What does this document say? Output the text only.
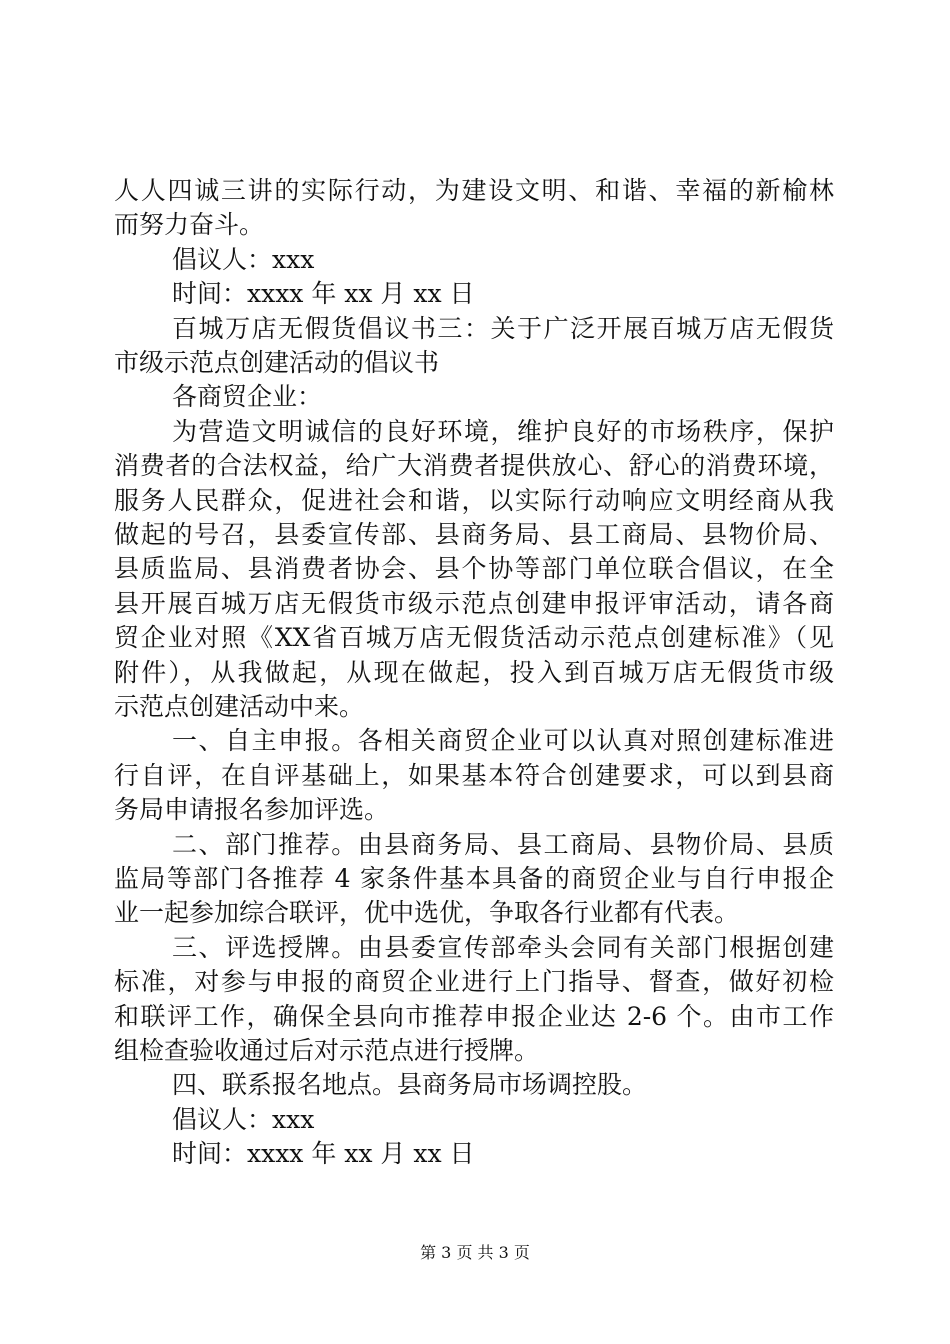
第 3 页 共 3 页
人人四诚三讲的实际行动，为建设文明、和谐、幸福的新榆林
而努力奋斗。
倡议人：xxx
时间：xxxx 年 xx 月 xx 日
百城万店无假货倡议书三：关于广泛开展百城万店无假货
市级示范点创建活动的倡议书
各商贸企业：
为营造文明诚信的良好环境，维护良好的市场秩序，保护
消费者的合法权益，给广大消费者提供放心、舒心的消费环境，
服务人民群众，促进社会和谐，以实际行动响应文明经商从我
做起的号召，县委宣传部、县商务局、县工商局、县物价局、
县质监局、县消费者协会、县个协等部门单位联合倡议，在全
县开展百城万店无假货市级示范点创建申报评审活动，请各商
贸企业对照《XX省百城万店无假货活动示范点创建标准》（见
附件），从我做起，从现在做起，投入到百城万店无假货市级
示范点创建活动中来。
一、自主申报。各相关商贸企业可以认真对照创建标准进
行自评，在自评基础上，如果基本符合创建要求，可以到县商
务局申请报名参加评选。
二、部门推荐。由县商务局、县工商局、县物价局、县质
监局等部门各推荐 4 家条件基本具备的商贸企业与自行申报企
业一起参加综合联评，优中选优，争取各行业都有代表。
三、评选授牌。由县委宣传部牵头会同有关部门根据创建
标准，对参与申报的商贸企业进行上门指导、督查，做好初检
和联评工作，确保全县向市推荐申报企业达 2-6 个。由市工作
组检查验收通过后对示范点进行授牌。
四、联系报名地点。县商务局市场调控股。
倡议人：xxx
时间：xxxx 年 xx 月 xx 日
